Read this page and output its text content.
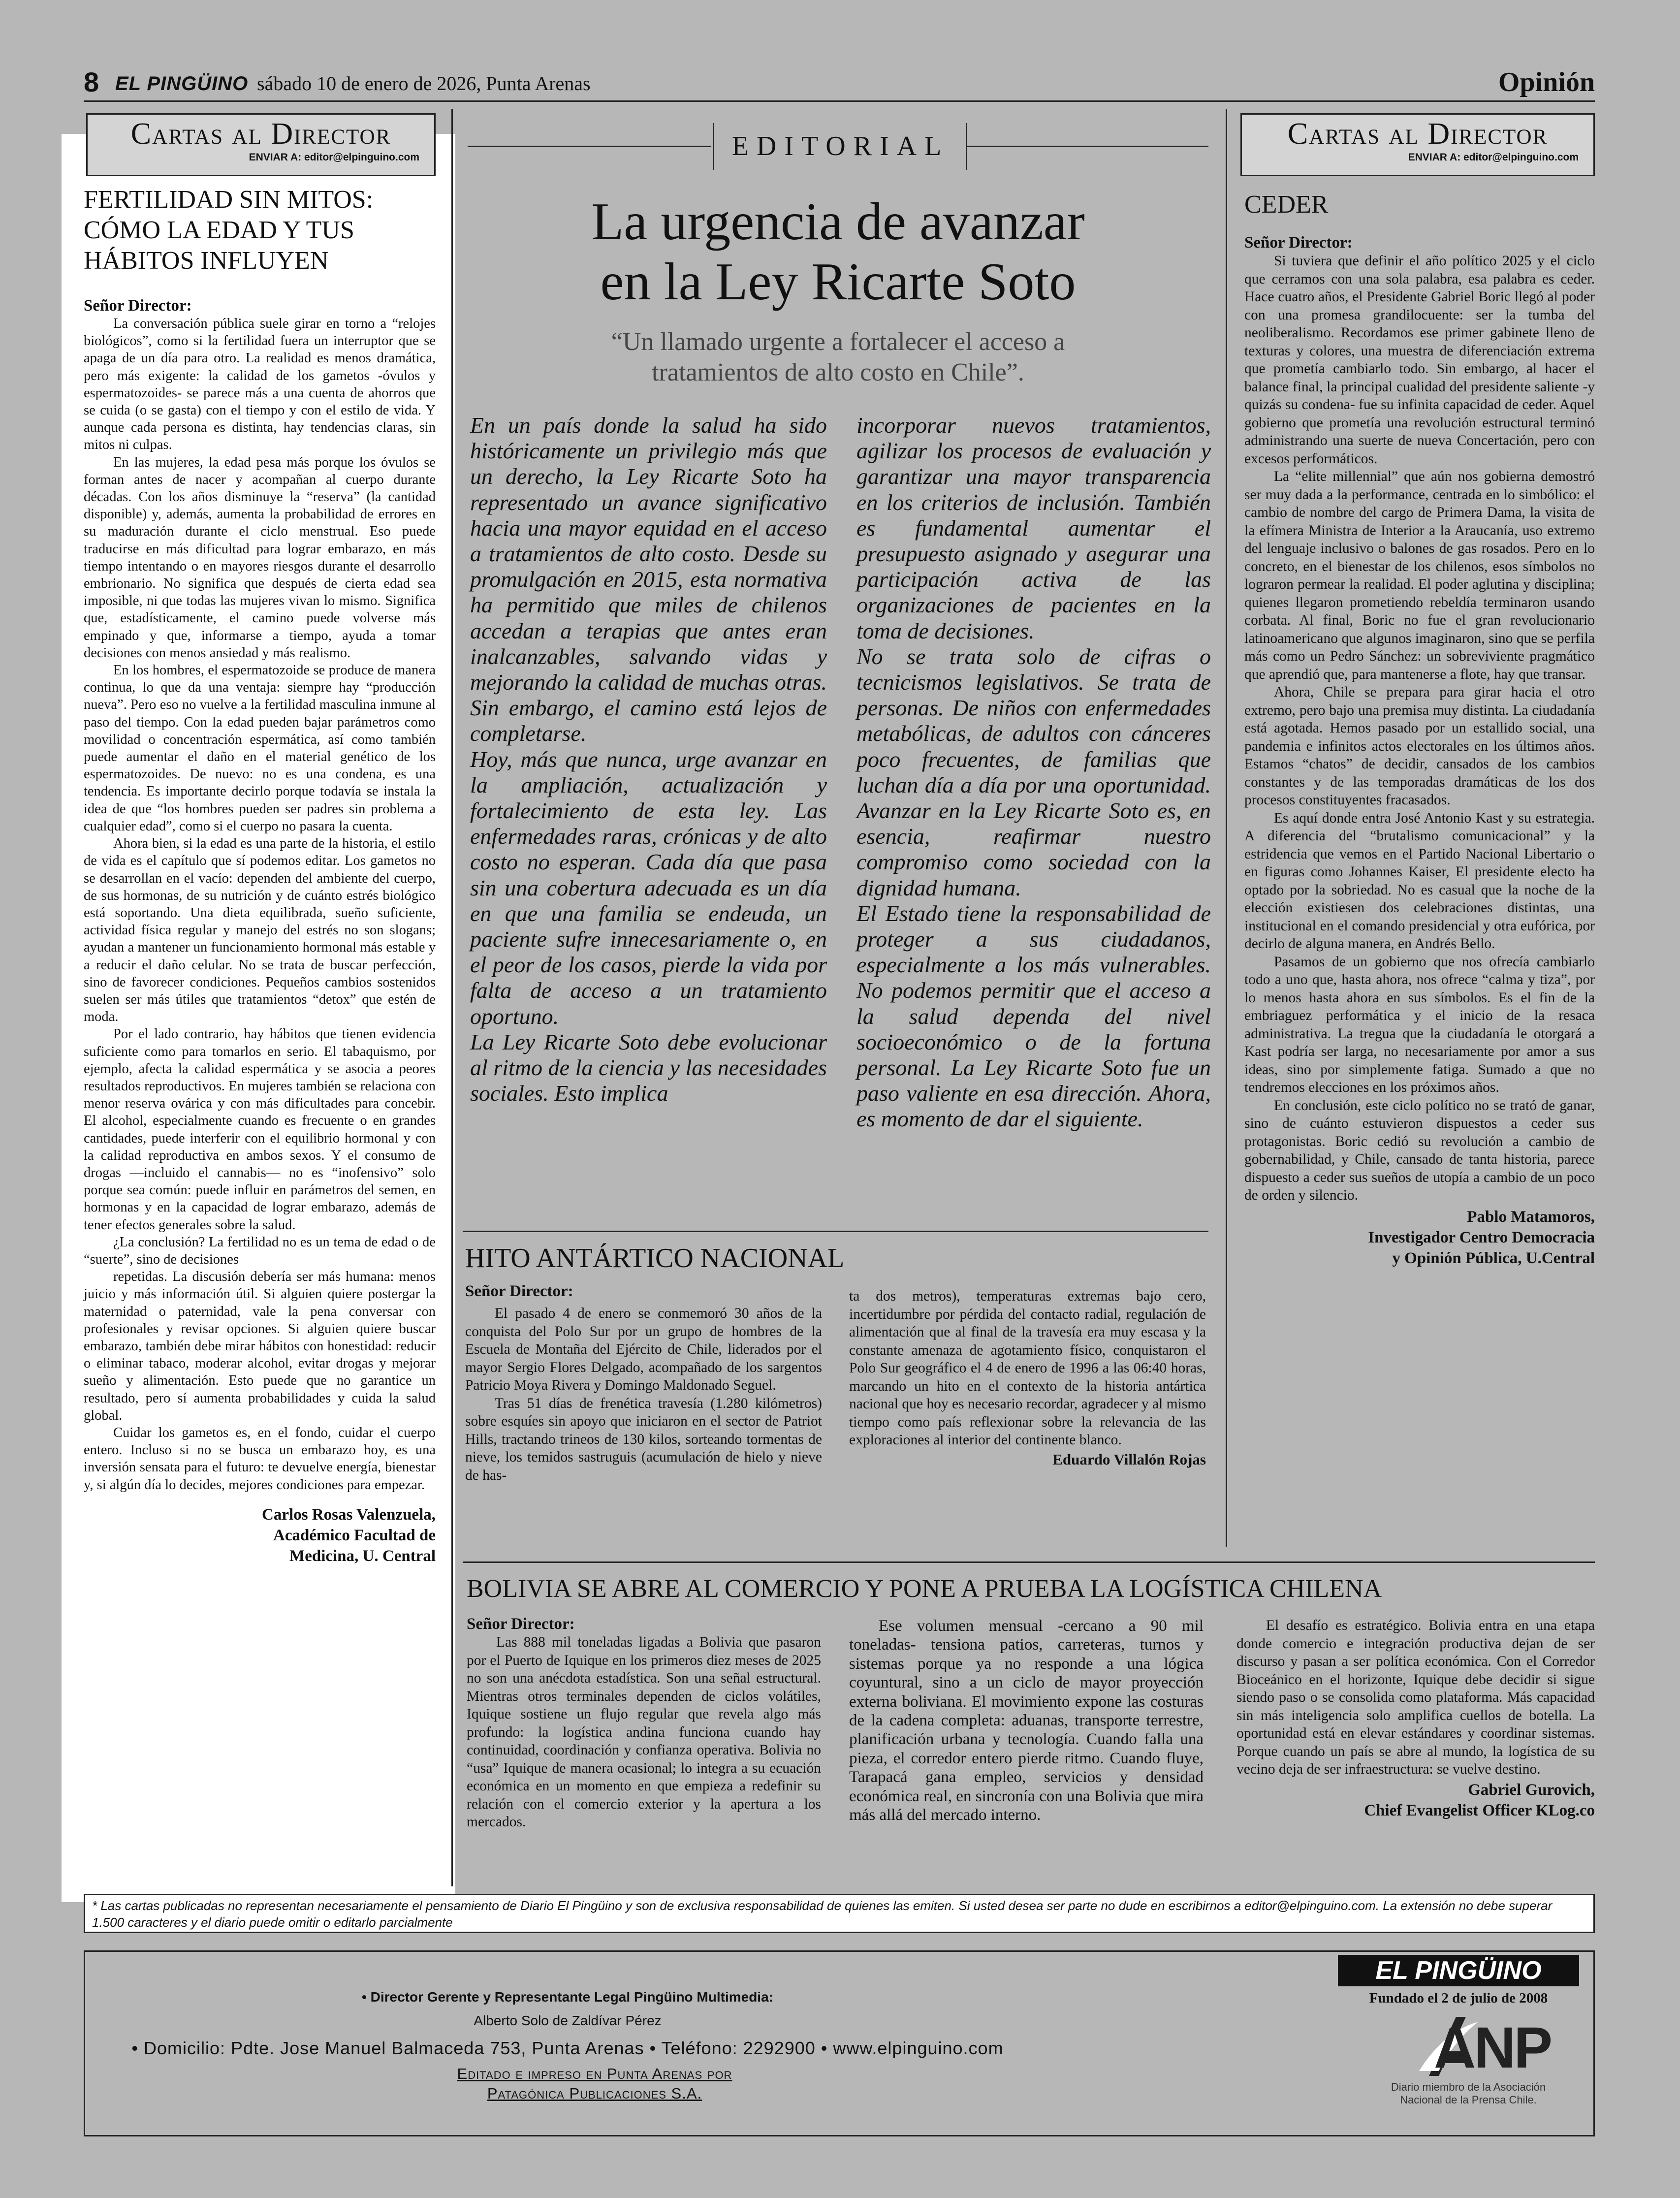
8 EL PINGÜINO sábado 10 de enero de 2026, Punta Arenas	Opinión
Cartas al Director
ENVIAR A: editor@elpinguino.com
FERTILIDAD SIN MITOS: CÓMO LA EDAD Y TUS HÁBITOS INFLUYEN
Señor Director:

La conversación pública suele girar en torno a “relojes biológicos”, como si la fertilidad fuera un interruptor que se apaga de un día para otro. La realidad es menos dramática, pero más exigente: la calidad de los gametos -óvulos y espermatozoides- se parece más a una cuenta de ahorros que se cuida (o se gasta) con el tiempo y con el estilo de vida. Y aunque cada persona es distinta, hay tendencias claras, sin mitos ni culpas.

En las mujeres, la edad pesa más porque los óvulos se forman antes de nacer y acompañan al cuerpo durante décadas. Con los años disminuye la “reserva” (la cantidad disponible) y, además, aumenta la probabilidad de errores en su maduración durante el ciclo menstrual. Eso puede traducirse en más dificultad para lograr embarazo, en más tiempo intentando o en mayores riesgos durante el desarrollo embrionario. No significa que después de cierta edad sea imposible, ni que todas las mujeres vivan lo mismo. Significa que, estadísticamente, el camino puede volverse más empinado y que, informarse a tiempo, ayuda a tomar decisiones con menos ansiedad y más realismo.

En los hombres, el espermatozoide se produce de manera continua, lo que da una ventaja: siempre hay “producción nueva”. Pero eso no vuelve a la fertilidad masculina inmune al paso del tiempo. Con la edad pueden bajar parámetros como movilidad o concentración espermática, así como también puede aumentar el daño en el material genético de los espermatozoides. De nuevo: no es una condena, es una tendencia. Es importante decirlo porque todavía se instala la idea de que “los hombres pueden ser padres sin problema a cualquier edad”, como si el cuerpo no pasara la cuenta.

Ahora bien, si la edad es una parte de la historia, el estilo de vida es el capítulo que sí podemos editar. Los gametos no se desarrollan en el vacío: dependen del ambiente del cuerpo, de sus hormonas, de su nutrición y de cuánto estrés biológico está soportando. Una dieta equilibrada, sueño suficiente, actividad física regular y manejo del estrés no son slogans; ayudan a mantener un funcionamiento hormonal más estable y a reducir el daño celular. No se trata de buscar perfección, sino de favorecer condiciones. Pequeños cambios sostenidos suelen ser más útiles que tratamientos “detox” que estén de moda.

Por el lado contrario, hay hábitos que tienen evidencia suficiente como para tomarlos en serio. El tabaquismo, por ejemplo, afecta la calidad espermática y se asocia a peores resultados reproductivos. En mujeres también se relaciona con menor reserva ovárica y con más dificultades para concebir. El alcohol, especialmente cuando es frecuente o en grandes cantidades, puede interferir con el equilibrio hormonal y con la calidad reproductiva en ambos sexos. Y el consumo de drogas —incluido el cannabis— no es “inofensivo” solo porque sea común: puede influir en parámetros del semen, en hormonas y en la capacidad de lograr embarazo, además de tener efectos generales sobre la salud.

¿La conclusión? La fertilidad no es un tema de edad o de “suerte”, sino de decisiones

repetidas. La discusión debería ser más humana: menos juicio y más información útil. Si alguien quiere postergar la maternidad o paternidad, vale la pena conversar con profesionales y revisar opciones. Si alguien quiere buscar embarazo, también debe mirar hábitos con honestidad: reducir o eliminar tabaco, moderar alcohol, evitar drogas y mejorar sueño y alimentación. Esto puede que no garantice un resultado, pero sí aumenta probabilidades y cuida la salud global.

Cuidar los gametos es, en el fondo, cuidar el cuerpo entero. Incluso si no se busca un embarazo hoy, es una inversión sensata para el futuro: te devuelve energía, bienestar y, si algún día lo decides, mejores condiciones para empezar.

Carlos Rosas Valenzuela,
Académico Facultad de
Medicina, U. Central
EDITORIAL
La urgencia de avanzar
en la Ley Ricarte Soto
“Un llamado urgente a fortalecer el acceso a
tratamientos de alto costo en Chile”.

En un país donde la salud ha sido históricamente un privilegio más que un derecho, la Ley Ricarte Soto ha representado un avance significativo hacia una mayor equidad en el acceso a tratamientos de alto costo. Desde su promulgación en 2015, esta normativa ha permitido que miles de chilenos accedan a terapias que antes eran inalcanzables, salvando vidas y mejorando la calidad de muchas otras. Sin embargo, el camino está lejos de completarse.

Hoy, más que nunca, urge avanzar en la ampliación, actualización y fortalecimiento de esta ley. Las enfermedades raras, crónicas y de alto costo no esperan. Cada día que pasa sin una cobertura adecuada es un día en que una familia se endeuda, un paciente sufre innecesariamente o, en el peor de los casos, pierde la vida por falta de acceso a un tratamiento oportuno.

La Ley Ricarte Soto debe evolucionar al ritmo de la ciencia y las necesidades sociales. Esto implica

incorporar nuevos tratamientos, agilizar los procesos de evaluación y garantizar una mayor transparencia en los criterios de inclusión. También es fundamental aumentar el presupuesto asignado y asegurar una participación activa de las organizaciones de pacientes en la toma de decisiones.

No se trata solo de cifras o tecnicismos legislativos. Se trata de personas. De niños con enfermedades metabólicas, de adultos con cánceres poco frecuentes, de familias que luchan día a día por una oportunidad. Avanzar en la Ley Ricarte Soto es, en esencia, reafirmar nuestro compromiso como sociedad con la dignidad humana.

El Estado tiene la responsabilidad de proteger a sus ciudadanos, especialmente a los más vulnerables. No podemos permitir que el acceso a la salud dependa del nivel socioeconómico o de la fortuna personal. La Ley Ricarte Soto fue un paso valiente en esa dirección. Ahora, es momento de dar el siguiente.

HITO ANTÁRTICO NACIONAL
Señor Director:

El pasado 4 de enero se conmemoró 30 años de la conquista del Polo Sur por un grupo de hombres de la Escuela de Montaña del Ejército de Chile, liderados por el mayor Sergio Flores Delgado, acompañado de los sargentos Patricio Moya Rivera y Domingo Maldonado Seguel.

Tras 51 días de frenética travesía (1.280 kilómetros) sobre esquíes sin apoyo que iniciaron en el sector de Patriot Hills, tractando trineos de 130 kilos, sorteando tormentas de nieve, los temidos sastruguis (acumulación de hielo y nieve de has-

ta dos metros), temperaturas extremas bajo cero, incertidumbre por pérdida del contacto radial, regulación de alimentación que al final de la travesía era muy escasa y la constante amenaza de agotamiento físico, conquistaron el Polo Sur geográfico el 4 de enero de 1996 a las 06:40 horas, marcando un hito en el contexto de la historia antártica nacional que hoy es necesario recordar, agradecer y al mismo tiempo como país reflexionar sobre la relevancia de las exploraciones al interior del continente blanco.

Eduardo Villalón Rojas
Cartas al Director
ENVIAR A: editor@elpinguino.com
CEDER
Señor Director:

Si tuviera que definir el año político 2025 y el ciclo que cerramos con una sola palabra, esa palabra es ceder. Hace cuatro años, el Presidente Gabriel Boric llegó al poder con una promesa grandilocuente: ser la tumba del neoliberalismo. Recordamos ese primer gabinete lleno de texturas y colores, una muestra de diferenciación extrema que prometía cambiarlo todo. Sin embargo, al hacer el balance final, la principal cualidad del presidente saliente -y quizás su condena- fue su infinita capacidad de ceder. Aquel gobierno que prometía una revolución estructural terminó administrando una suerte de nueva Concertación, pero con excesos performáticos.

La “elite millennial” que aún nos gobierna demostró ser muy dada a la performance, centrada en lo simbólico: el cambio de nombre del cargo de Primera Dama, la visita de la efímera Ministra de Interior a la Araucanía, uso extremo del lenguaje inclusivo o balones de gas rosados. Pero en lo concreto, en el bienestar de los chilenos, esos símbolos no lograron permear la realidad. El poder aglutina y disciplina; quienes llegaron prometiendo rebeldía terminaron usando corbata. Al final, Boric no fue el gran revolucionario latinoamericano que algunos imaginaron, sino que se perfila más como un Pedro Sánchez: un sobreviviente pragmático que aprendió que, para mantenerse a flote, hay que transar.

Ahora, Chile se prepara para girar hacia el otro extremo, pero bajo una premisa muy distinta. La ciudadanía está agotada. Hemos pasado por un estallido social, una pandemia e infinitos actos electorales en los últimos años. Estamos “chatos” de decidir, cansados de los cambios constantes y de las temporadas dramáticas de los dos procesos constituyentes fracasados.

Es aquí donde entra José Antonio Kast y su estrategia. A diferencia del “brutalismo comunicacional” y la estridencia que vemos en el Partido Nacional Libertario o en figuras como Johannes Kaiser, El presidente electo ha optado por la sobriedad. No es casual que la noche de la elección existiesen dos celebraciones distintas, una institucional en el comando presidencial y otra eufórica, por decirlo de alguna manera, en Andrés Bello.

Pasamos de un gobierno que nos ofrecía cambiarlo todo a uno que, hasta ahora, nos ofrece “calma y tiza”, por lo menos hasta ahora en sus símbolos. Es el fin de la embriaguez performática y el inicio de la resaca administrativa. La tregua que la ciudadanía le otorgará a Kast podría ser larga, no necesariamente por amor a sus ideas, sino por simplemente fatiga. Sumado a que no tendremos elecciones en los próximos años.

En conclusión, este ciclo político no se trató de ganar, sino de cuánto estuvieron dispuestos a ceder sus protagonistas. Boric cedió su revolución a cambio de gobernabilidad, y Chile, cansado de tanta historia, parece dispuesto a ceder sus sueños de utopía a cambio de un poco de orden y silencio.

Pablo Matamoros,
Investigador Centro Democracia
y Opinión Pública, U.Central
BOLIVIA SE ABRE AL COMERCIO Y PONE A PRUEBA LA LOGÍSTICA CHILENA
Señor Director:

Las 888 mil toneladas ligadas a Bolivia que pasaron por el Puerto de Iquique en los primeros diez meses de 2025 no son una anécdota estadística. Son una señal estructural. Mientras otros terminales dependen de ciclos volátiles, Iquique sostiene un flujo regular que revela algo más profundo: la logística andina funciona cuando hay continuidad, coordinación y confianza operativa. Bolivia no “usa” Iquique de manera ocasional; lo integra a su ecuación económica en un momento en que empieza a redefinir su relación con el comercio exterior y la apertura a los mercados.

Ese volumen mensual -cercano a 90 mil toneladas- tensiona patios, carreteras, turnos y sistemas porque ya no responde a una lógica coyuntural, sino a un ciclo de mayor proyección externa boliviana. El movimiento expone las costuras de la cadena completa: aduanas, transporte terrestre, planificación urbana y tecnología. Cuando falla una pieza, el corredor entero pierde ritmo. Cuando fluye, Tarapacá gana empleo, servicios y densidad económica real, en sincronía con una Bolivia que mira más allá del mercado interno.

El desafío es estratégico. Bolivia entra en una etapa donde comercio e integración productiva dejan de ser discurso y pasan a ser política económica. Con el Corredor Bioceánico en el horizonte, Iquique debe decidir si sigue siendo paso o se consolida como plataforma. Más capacidad sin más inteligencia solo amplifica cuellos de botella. La oportunidad está en elevar estándares y coordinar sistemas. Porque cuando un país se abre al mundo, la logística de su vecino deja de ser infraestructura: se vuelve destino.

Gabriel Gurovich,
Chief Evangelist Officer KLog.co
* Las cartas publicadas no representan necesariamente el pensamiento de Diario El Pingüino y son de exclusiva responsabilidad de quienes las emiten. Si usted desea ser parte no dude en escribirnos a editor@elpinguino.com. La extensión no debe superar 1.500 caracteres y el diario puede omitir o editarlo parcialmente
• Director Gerente y Representante Legal Pingüino Multimedia:
Alberto Solo de Zaldívar Pérez
• Domicilio: Pdte. Jose Manuel Balmaceda 753, Punta Arenas • Teléfono: 2292900 • www.elpinguino.com
Editado e impreso en Punta Arenas por Patagónica Publicaciones S.A.
EL PINGÜINO
Fundado el 2 de julio de 2008
ANP
Diario miembro de la Asociación
Nacional de la Prensa Chile.
